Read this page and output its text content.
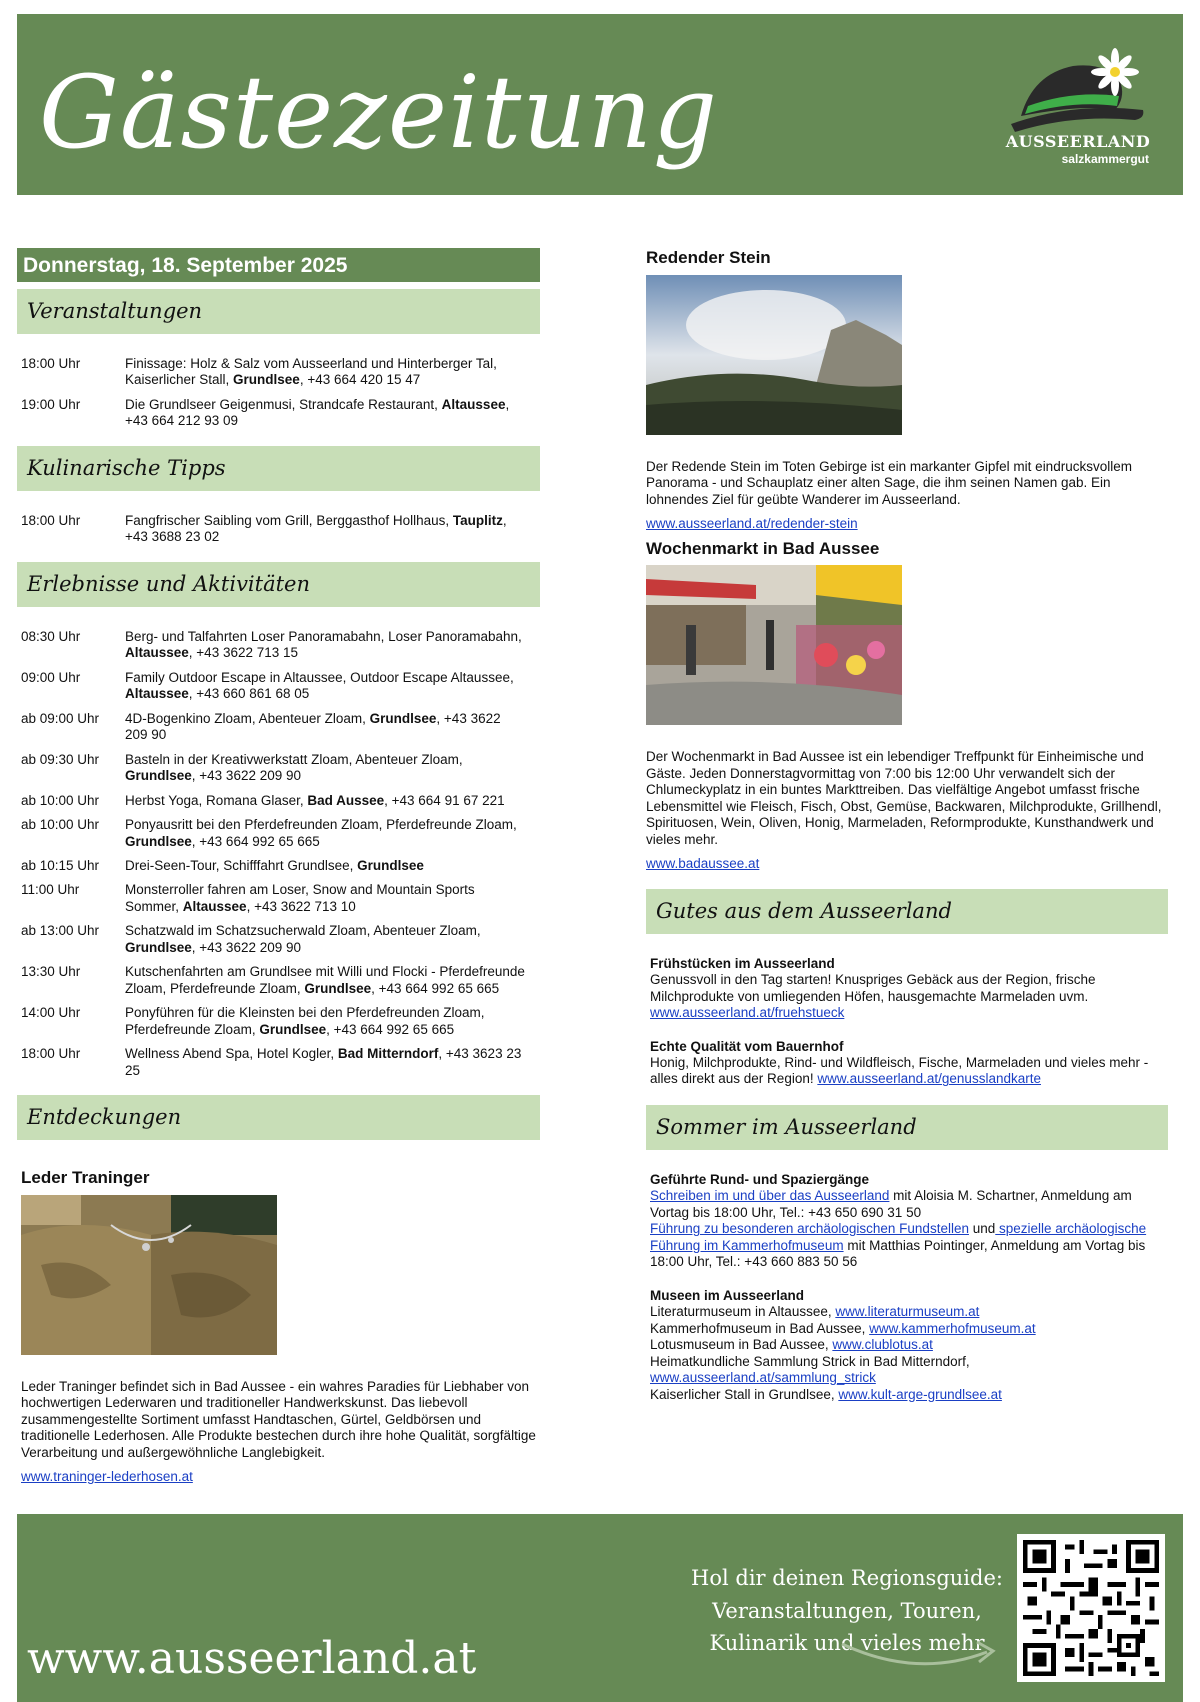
Gästezeitung	AUSSEERLAND
salzkammergut
Donnerstag, 18. September 2025
Veranstaltungen
18:00 Uhr	Finissage: Holz & Salz vom Ausseerland und Hinterberger Tal, Kaiserlicher Stall, Grundlsee, +43 664 420 15 47
19:00 Uhr	Die Grundlseer Geigenmusi, Strandcafe Restaurant, Altaussee, +43 664 212 93 09
Kulinarische Tipps
18:00 Uhr	Fangfrischer Saibling vom Grill, Berggasthof Hollhaus, Tauplitz, +43 3688 23 02
Erlebnisse und Aktivitäten
08:30 Uhr	Berg- und Talfahrten Loser Panoramabahn, Loser Panoramabahn, Altaussee, +43 3622 713 15
09:00 Uhr	Family Outdoor Escape in Altaussee, Outdoor Escape Altaussee, Altaussee, +43 660 861 68 05
ab 09:00 Uhr	4D-Bogenkino Zloam, Abenteuer Zloam, Grundlsee, +43 3622 209 90
ab 09:30 Uhr	Basteln in der Kreativwerkstatt Zloam, Abenteuer Zloam, Grundlsee, +43 3622 209 90
ab 10:00 Uhr	Herbst Yoga, Romana Glaser, Bad Aussee, +43 664 91 67 221
ab 10:00 Uhr	Ponyausritt bei den Pferdefreunden Zloam, Pferdefreunde Zloam, Grundlsee, +43 664 992 65 665
ab 10:15 Uhr	Drei-Seen-Tour, Schifffahrt Grundlsee, Grundlsee
11:00 Uhr	Monsterroller fahren am Loser, Snow and Mountain Sports Sommer, Altaussee, +43 3622 713 10
ab 13:00 Uhr	Schatzwald im Schatzsucherwald Zloam, Abenteuer Zloam, Grundlsee, +43 3622 209 90
13:30 Uhr	Kutschenfahrten am Grundlsee mit Willi und Flocki - Pferdefreunde Zloam, Pferdefreunde Zloam, Grundlsee, +43 664 992 65 665
14:00 Uhr	Ponyführen für die Kleinsten bei den Pferdefreunden Zloam, Pferdefreunde Zloam, Grundlsee, +43 664 992 65 665
18:00 Uhr	Wellness Abend Spa, Hotel Kogler, Bad Mitterndorf, +43 3623 23 25
Entdeckungen
Leder Traninger
Leder Traninger befindet sich in Bad Aussee - ein wahres Paradies für Liebhaber von hochwertigen Lederwaren und traditioneller Handwerkskunst. Das liebevoll zusammengestellte Sortiment umfasst Handtaschen, Gürtel, Geldbörsen und traditionelle Lederhosen. Alle Produkte bestechen durch ihre hohe Qualität, sorgfältige Verarbeitung und außergewöhnliche Langlebigkeit.
www.traninger-lederhosen.at
Redender Stein
Der Redende Stein im Toten Gebirge ist ein markanter Gipfel mit eindrucksvollem Panorama - und Schauplatz einer alten Sage, die ihm seinen Namen gab. Ein lohnendes Ziel für geübte Wanderer im Ausseerland.
www.ausseerland.at/redender-stein
Wochenmarkt in Bad Aussee
Der Wochenmarkt in Bad Aussee ist ein lebendiger Treffpunkt für Einheimische und Gäste. Jeden Donnerstagvormittag von 7:00 bis 12:00 Uhr verwandelt sich der Chlumeckyplatz in ein buntes Markttreiben. Das vielfältige Angebot umfasst frische Lebensmittel wie Fleisch, Fisch, Obst, Gemüse, Backwaren, Milchprodukte, Grillhendl, Spirituosen, Wein, Oliven, Honig, Marmeladen, Reformprodukte, Kunsthandwerk und vieles mehr.
www.badaussee.at
Gutes aus dem Ausseerland
Frühstücken im Ausseerland
Genussvoll in den Tag starten! Knuspriges Gebäck aus der Region, frische Milchprodukte von umliegenden Höfen, hausgemachte Marmeladen uvm.
www.ausseerland.at/fruehstueck
Echte Qualität vom Bauernhof
Honig, Milchprodukte, Rind- und Wildfleisch, Fische, Marmeladen und vieles mehr - alles direkt aus der Region! www.ausseerland.at/genusslandkarte
Sommer im Ausseerland
Geführte Rund- und Spaziergänge
Schreiben im und über das Ausseerland mit Aloisia M. Schartner, Anmeldung am Vortag bis 18:00 Uhr, Tel.: +43 650 690 31 50
Führung zu besonderen archäologischen Fundstellen und spezielle archäologische Führung im Kammerhofmuseum mit Matthias Pointinger, Anmeldung am Vortag bis 18:00 Uhr, Tel.: +43 660 883 50 56
Museen im Ausseerland
Literaturmuseum in Altaussee, www.literaturmuseum.at
Kammerhofmuseum in Bad Aussee, www.kammerhofmuseum.at
Lotusmuseum in Bad Aussee, www.clublotus.at
Heimatkundliche Sammlung Strick in Bad Mitterndorf, www.ausseerland.at/sammlung_strick
Kaiserlicher Stall in Grundlsee, www.kult-arge-grundlsee.at
www.ausseerland.at
Hol dir deinen Regionsguide:
Veranstaltungen, Touren,
Kulinarik und vieles mehr
